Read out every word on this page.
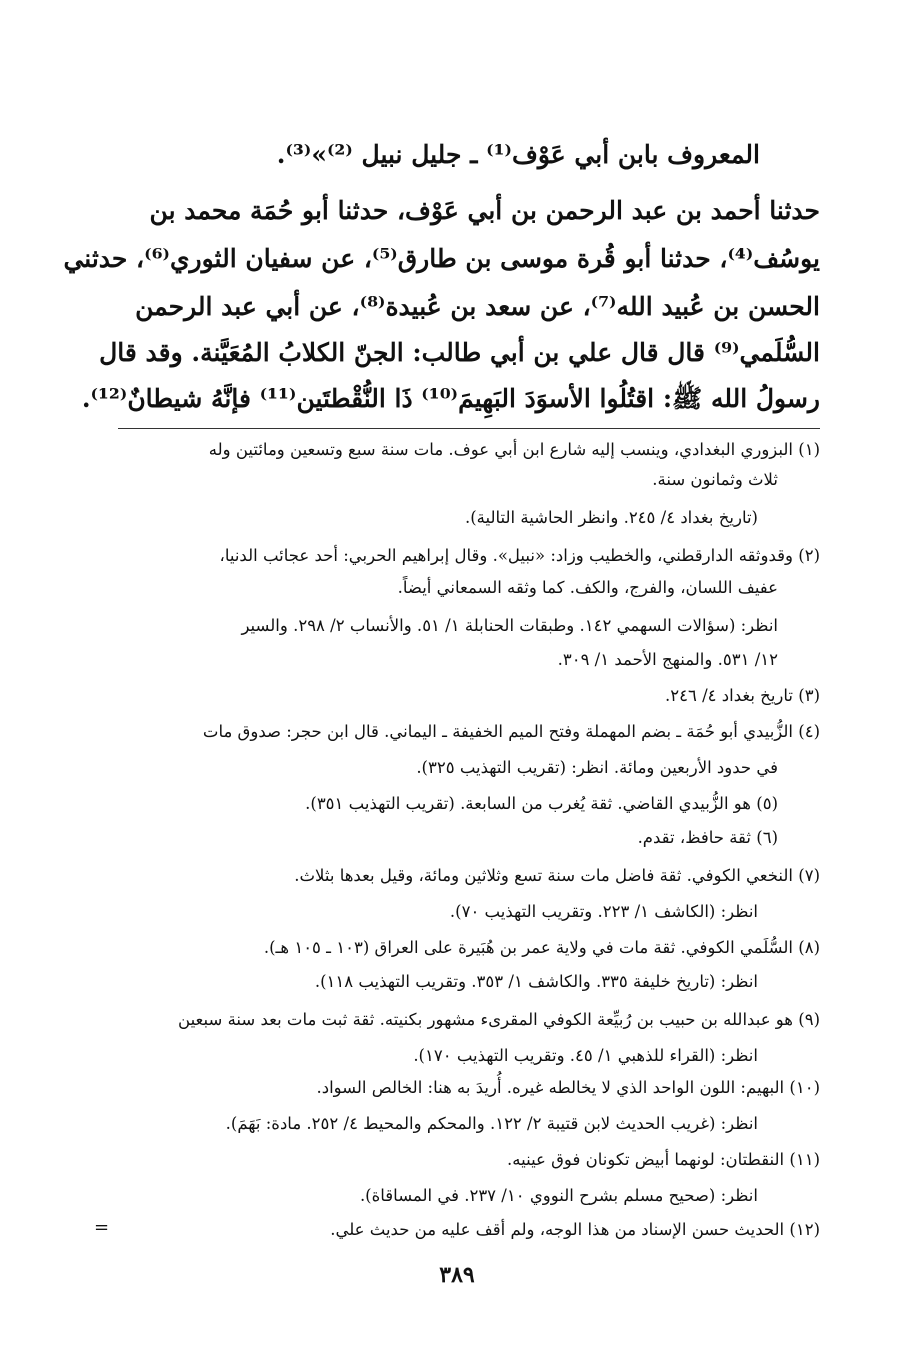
المعروف بابن أبي عَوْف⁽¹⁾ ـ جليل نبيل ⁽²⁾»⁽³⁾.
حدثنا أحمد بن عبد الرحمن بن أبي عَوْف، حدثنا أبو حُمَة محمد بن
يوسُف⁽⁴⁾، حدثنا أبو قُرة موسى بن طارق⁽⁵⁾، عن سفيان الثوري⁽⁶⁾، حدثني
الحسن بن عُبيد الله⁽⁷⁾، عن سعد بن عُبيدة⁽⁸⁾، عن أبي عبد الرحمن
السُّلَمي⁽⁹⁾ قال قال علي بن أبي طالب: الجنّ الكلابُ المُعَيَّنة. وقد قال
رسولُ الله ﷺ: اقتُلُوا الأسوَدَ البَهِيمَ⁽¹⁰⁾ ذَا النُّقْطتَين⁽¹¹⁾ فإنَّهُ شيطانٌ⁽¹²⁾.
(١) البزوري البغدادي، وينسب إليه شارع ابن أبي عوف. مات سنة سبع وتسعين ومائتين وله
ثلاث وثمانون سنة.
(تاريخ بغداد ٤/ ٢٤٥. وانظر الحاشية التالية).
(٢) وقدوثقه الدارقطني، والخطيب وزاد: «نبيل». وقال إبراهيم الحربي: أحد عجائب الدنيا،
عفيف اللسان، والفرج، والكف. كما وثقه السمعاني أيضاً.
انظر: (سؤالات السهمي ١٤٢. وطبقات الحنابلة ١/ ٥١. والأنساب ٢/ ٢٩٨. والسير
١٢/ ٥٣١. والمنهج الأحمد ١/ ٣٠٩.
(٣) تاريخ بغداد ٤/ ٢٤٦.
(٤) الزُّبيدي أبو حُمَة ـ بضم المهملة وفتح الميم الخفيفة ـ اليماني. قال ابن حجر: صدوق مات
في حدود الأربعين ومائة. انظر: (تقريب التهذيب ٣٢٥).
(٥) هو الزُّبيدي القاضي. ثقة يُغرب من السابعة. (تقريب التهذيب ٣٥١).
(٦) ثقة حافظ، تقدم.
(٧) النخعي الكوفي. ثقة فاضل مات سنة تسع وثلاثين ومائة، وقيل بعدها بثلاث.
انظر: (الكاشف ١/ ٢٢٣. وتقريب التهذيب ٧٠).
(٨) السُّلَمي الكوفي. ثقة مات في ولاية عمر بن هُبَيرة على العراق (١٠٣ ـ ١٠٥ هـ).
انظر: (تاريخ خليفة ٣٣٥. والكاشف ١/ ٣٥٣. وتقريب التهذيب ١١٨).
(٩) هو عبدالله بن حبيب بن رُبيِّعة الكوفي المقرىء مشهور بكنيته. ثقة ثبت مات بعد سنة سبعين
انظر: (القراء للذهبي ١/ ٤٥. وتقريب التهذيب ١٧٠).
(١٠) البهيم: اللون الواحد الذي لا يخالطه غيره. أُريدَ به هنا: الخالص السواد.
انظر: (غريب الحديث لابن قتيبة ٢/ ١٢٢. والمحكم والمحيط ٤/ ٢٥٢. مادة: بَهَمَ).
(١١) النقطتان: لونهما أبيض تكونان فوق عينيه.
انظر: (صحيح مسلم بشرح النووي ١٠/ ٢٣٧. في المساقاة).
(١٢) الحديث حسن الإسناد من هذا الوجه، ولم أقف عليه من حديث علي.
=
٣٨٩
